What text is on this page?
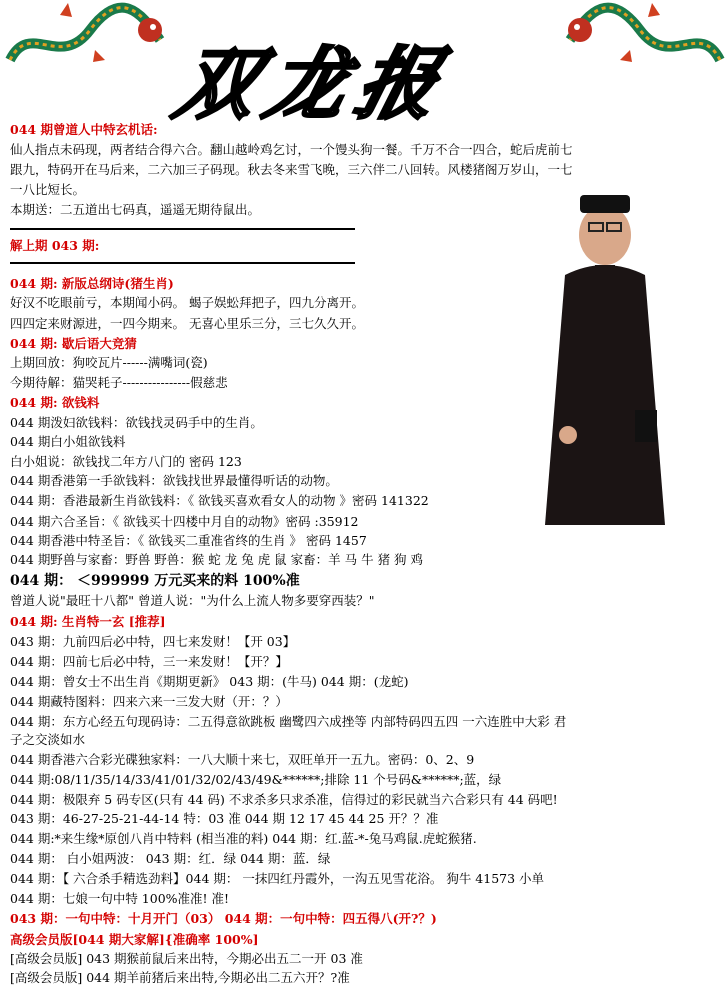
双龙报
044 期曾道人中特玄机话:
仙人指点未码现，两者结合得六合。翻山越岭鸡乞讨，一个馒头狗一餐。千万不合一四合，蛇后虎前七
跟九，特码开在马后来，二六加三子码现。秋去冬来雪飞晚，三六伴二八回转。风楼猪阁万岁山，一七
一八比短长。
本期送：二五道出七码真，遥遥无期待鼠出。
解上期 043 期:
044 期: 新版总纲诗(猪生肖)
好汉不吃眼前亏，本期闻小码。 蝎子娱蚣拜把子，四九分离开。
四四定来财源进，一四今期来。 无喜心里乐三分，三七久久开。
044 期: 歇后语大竞猜
上期回放：狗咬瓦片------满嘴词(瓷)
今期待解：猫哭耗子----------------假慈悲
044 期: 欲钱料
044 期泼妇欲钱料：欲钱找灵码手中的生肖。
044 期白小姐欲钱料
白小姐说：欲钱找二年方八门的 密码 123
044 期香港第一手欲钱料：欲钱找世界最懂得听话的动物。
044 期：香港最新生肖欲钱料：《 欲钱买喜欢看女人的动物 》密码 141322
044 期六合圣旨：《 欲钱买十四楼中月自的动物》密码 :35912
044 期香港中特圣旨：《 欲钱买二重准省终的生肖 》 密码 1457
044 期野兽与家畜：野兽 野兽：猴 蛇 龙 兔 虎 鼠 家畜：羊 马 牛 猪 狗 鸡
044 期： ＜999999 万元买来的料 100%准
曾道人说"最旺十八都" 曾道人说："为什么上流人物多要穿西装？"
044 期: 生肖特一玄 [推荐]
043 期：九前四后必中特，四七来发财！【开 03】
044 期：四前七后必中特，三一来发财！【开？】
044 期：曾女士不出生肖《期期更新》 043 期：(牛马) 044 期：(龙蛇)
044 期藏特图料：四来六来一三发大财（开：？）
044 期：东方心经五句现码诗：二五得意欲跳板 幽鹭四六成挫等 内部特码四五四 一六连胜中大彩 君
子之交淡如水
044 期香港六合彩光碟独家料：一八大顺十来七，双旺单开一五九。密码：0、2、9
044 期:08/11/35/14/33/41/01/32/02/43/49&******;排除 11 个号码&******;蓝，绿
044 期：极限弃 5 码专区(只有 44 码) 不求杀多只求杀准，信得过的彩民就当六合彩只有 44 码吧!
043 期：46-27-25-21-44-14 特：03 准 044 期 12 17 45 44 25 开？？准
044 期:*来生缘*原创八肖中特料 (相当准的料) 044 期：红.蓝-*-兔马鸡鼠.虎蛇猴猪.
044 期： 白小姐两波： 043 期：红．绿 044 期：蓝．绿
044 期：【 六合杀手精选劲料】044 期： 一抹四红丹霞外，一沟五见雪花浴。 狗牛 41573 小单
044 期：七娘一句中特 100%准准! 准!
043 期：一句中特：十月开门（03） 044 期：一句中特：四五得八(开?？)
高级会员版[044 期大家解]{准确率 100%]
[高级会员版] 043 期猴前鼠后来出特，今期必出五二一开 03 准
[高级会员版] 044 期羊前猪后来出特,今期必出二五六开？?准
